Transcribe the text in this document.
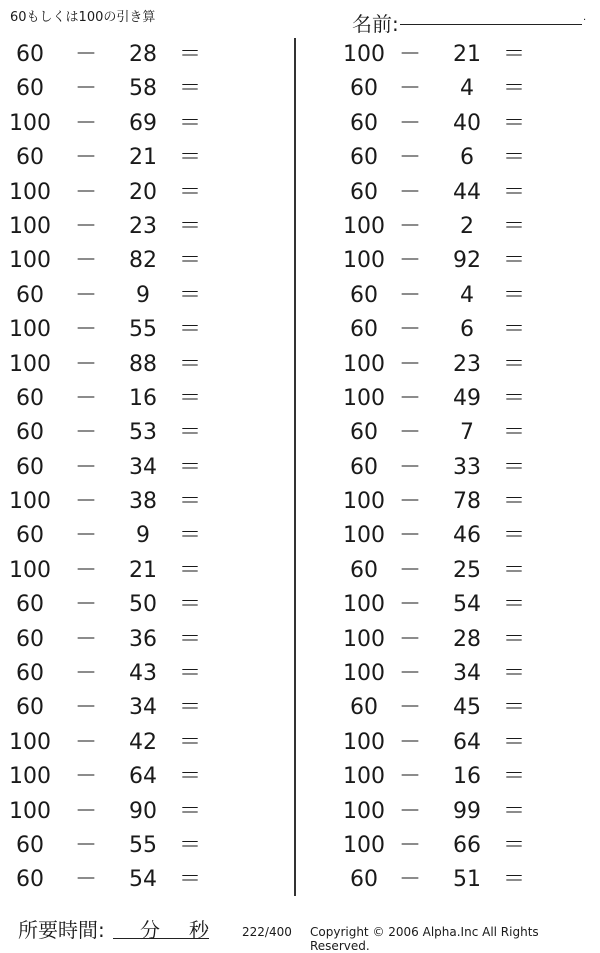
60もしくは100の引き算	名前:	.
60	－	28 ＝
60	－	58 ＝
100	－	69 ＝
60	－	21 ＝
100	－	20 ＝
100	－	23 ＝
100	－	82 ＝
60	－	9	＝
100	－	55 ＝
100	－	88 ＝
60	－	16 ＝
60	－	53 ＝
60	－	34 ＝
100	－	38 ＝
60	－	9	＝
100	－	21 ＝
60	－	50 ＝
60	－	36 ＝
60	－	43 ＝
60	－	34 ＝
100	－	42 ＝
100	－	64 ＝
100	－	90 ＝
60	－	55 ＝
60	－	54 ＝
100 －	21 ＝
60 －	4	＝
60 －	40 ＝
60 －	6	＝
60 －	44 ＝
100 －	2	＝
100 －	92 ＝
60 －	4	＝
60 －	6	＝
100 －	23 ＝
100 －	49 ＝
60 －	7	＝
60 －	33 ＝
100 －	78 ＝
100 －	46 ＝
60 －	25 ＝
100 －	54 ＝
100 －	28 ＝
100 －	34 ＝
60 －	45 ＝
100 －	64 ＝
100 －	16 ＝
100 －	99 ＝
100 －	66 ＝
60 －	51 ＝
所要時間: 分 秒	222/400 Copyright © 2006 Alpha.Inc All Rights Reserved.
